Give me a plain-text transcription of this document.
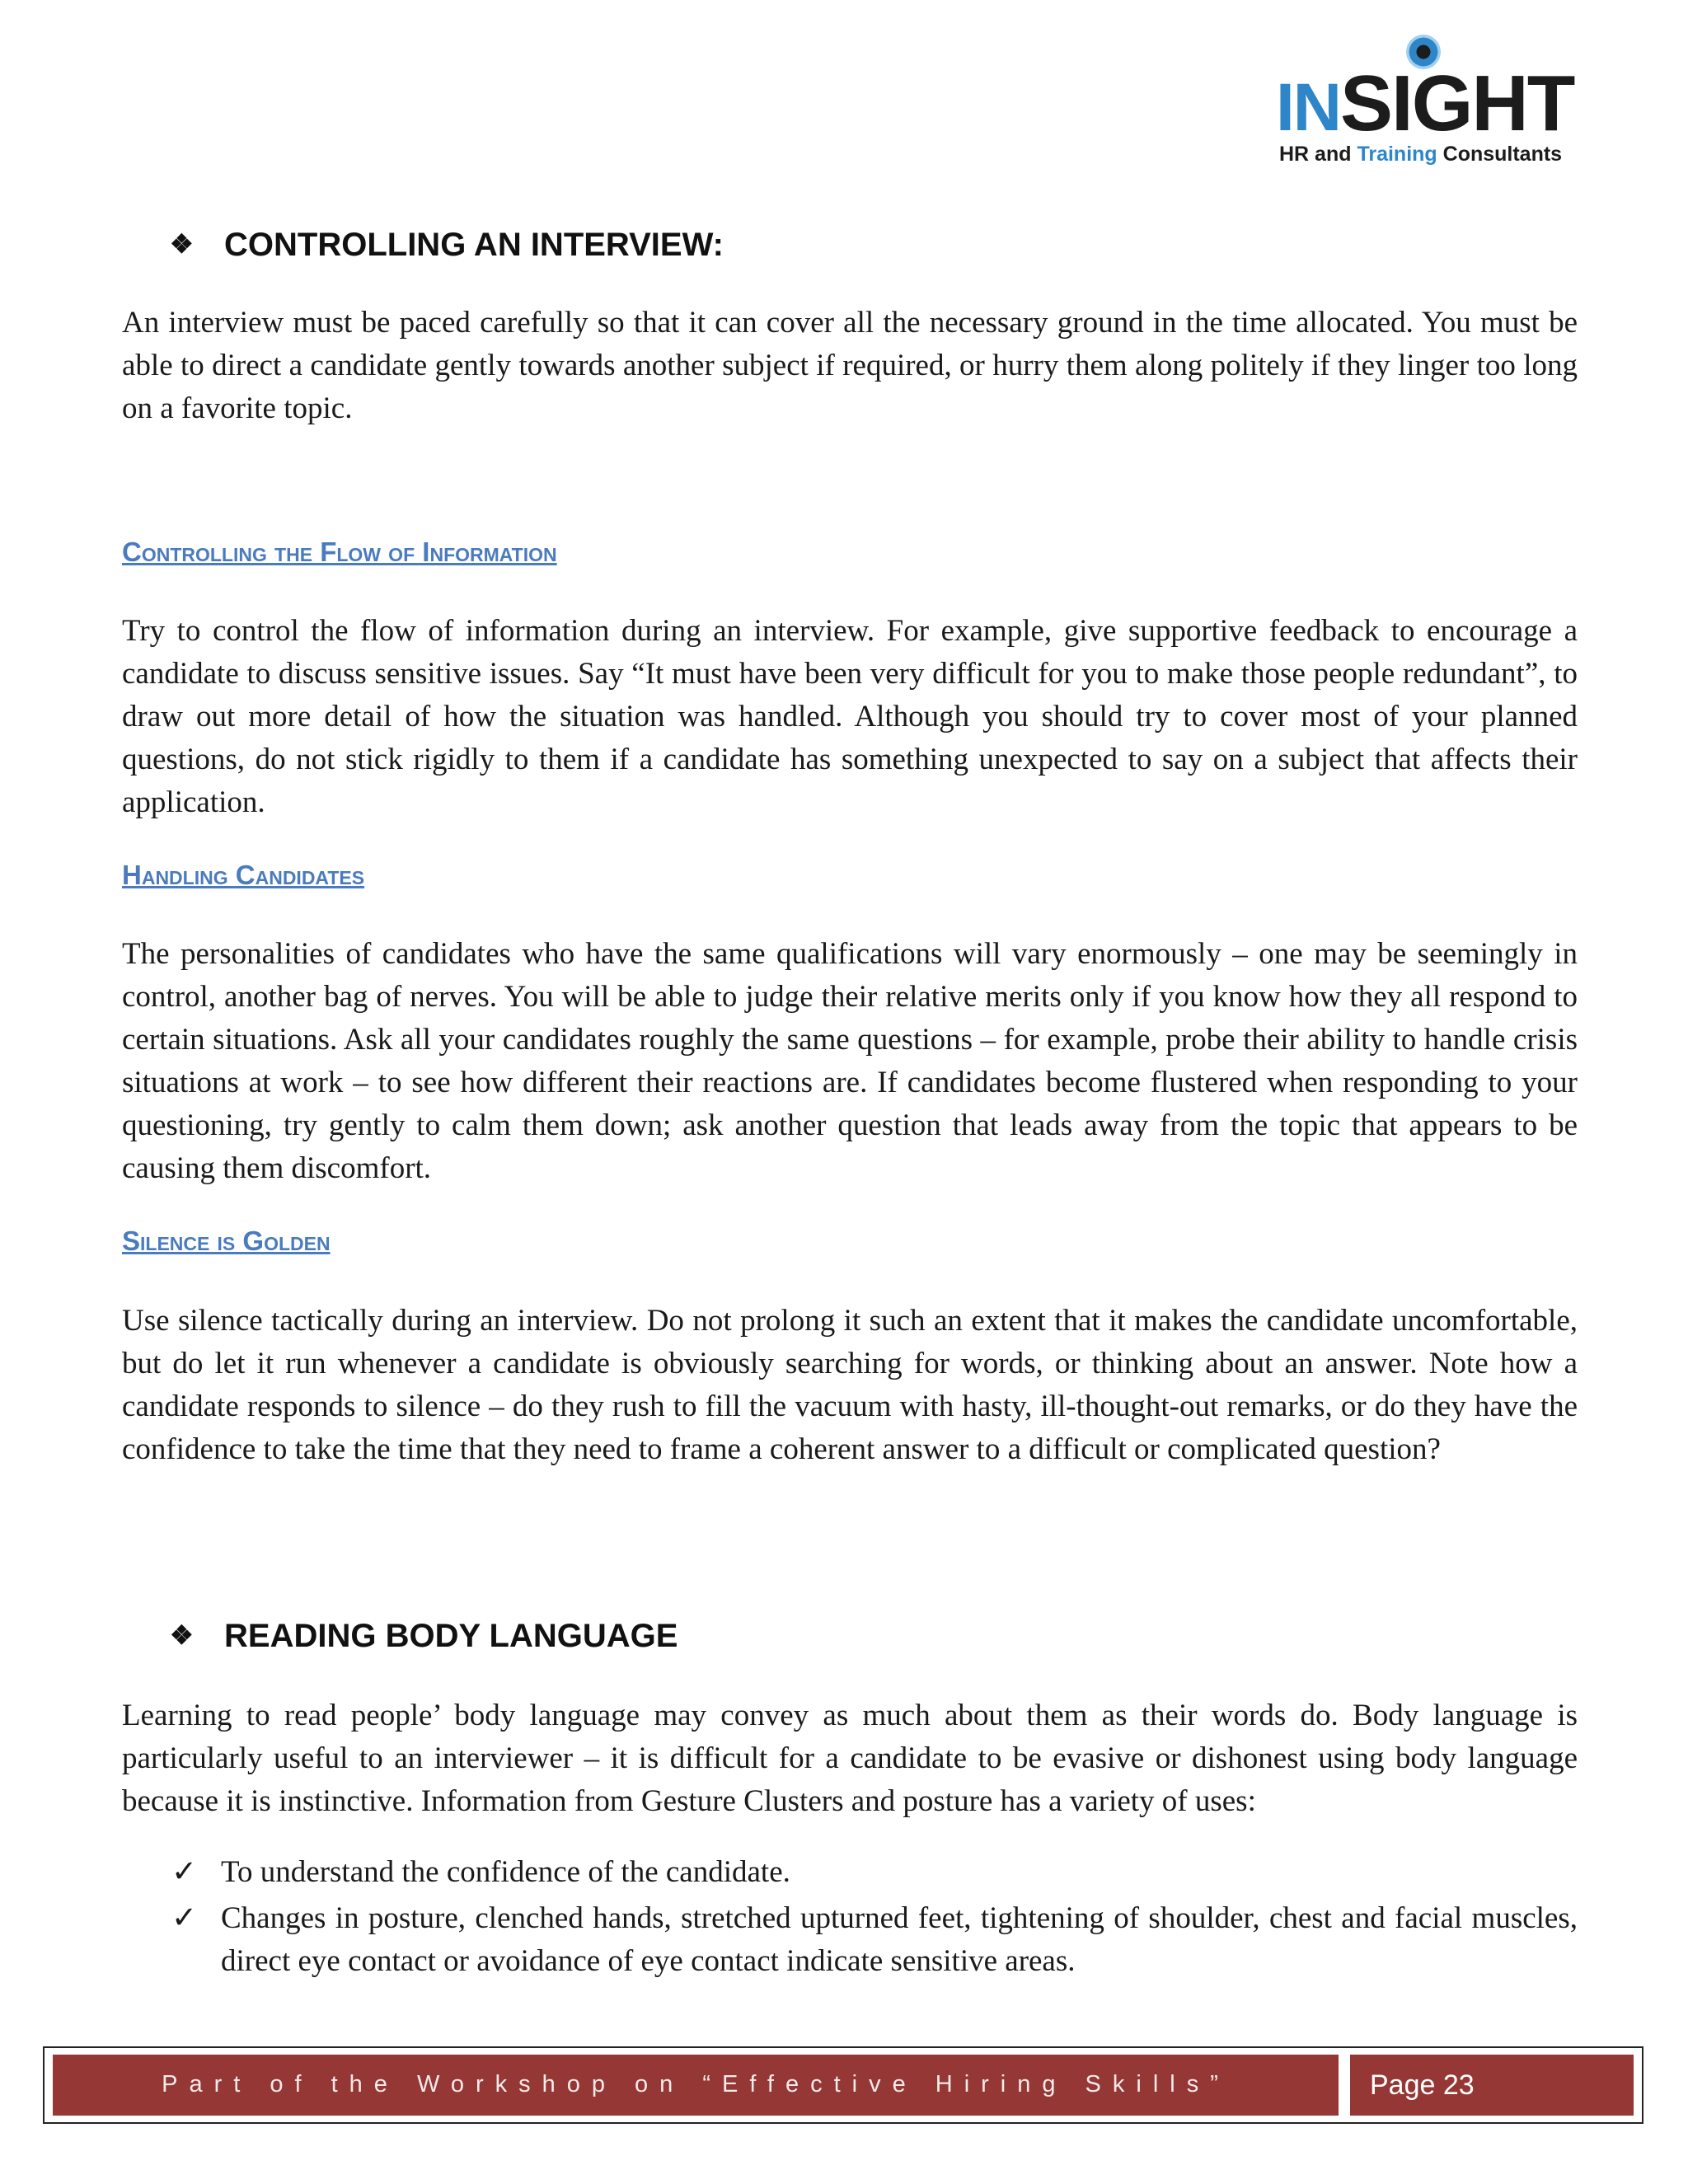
INSIGHT
HR and Training Consultants
❖ CONTROLLING AN INTERVIEW:

An interview must be paced carefully so that it can cover all the necessary ground in the time allocated. You must be able to direct a candidate gently towards another subject if required, or hurry them along politely if they linger too long on a favorite topic.

Controlling the Flow of Information

Try to control the flow of information during an interview. For example, give supportive feedback to encourage a candidate to discuss sensitive issues. Say “It must have been very difficult for you to make those people redundant”, to draw out more detail of how the situation was handled. Although you should try to cover most of your planned questions, do not stick rigidly to them if a candidate has something unexpected to say on a subject that affects their application.

Handling Candidates

The personalities of candidates who have the same qualifications will vary enormously – one may be seemingly in control, another bag of nerves. You will be able to judge their relative merits only if you know how they all respond to certain situations. Ask all your candidates roughly the same questions – for example, probe their ability to handle crisis situations at work – to see how different their reactions are. If candidates become flustered when responding to your questioning, try gently to calm them down; ask another question that leads away from the topic that appears to be causing them discomfort.

Silence is Golden

Use silence tactically during an interview. Do not prolong it such an extent that it makes the candidate uncomfortable, but do let it run whenever a candidate is obviously searching for words, or thinking about an answer. Note how a candidate responds to silence – do they rush to fill the vacuum with hasty, ill-thought-out remarks, or do they have the confidence to take the time that they need to frame a coherent answer to a difficult or complicated question?

❖ READING BODY LANGUAGE

Learning to read people’ body language may convey as much about them as their words do. Body language is particularly useful to an interviewer – it is difficult for a candidate to be evasive or dishonest using body language because it is instinctive. Information from Gesture Clusters and posture has a variety of uses:

✓ To understand the confidence of the candidate.
✓ Changes in posture, clenched hands, stretched upturned feet, tightening of shoulder, chest and facial muscles, direct eye contact or avoidance of eye contact indicate sensitive areas.
Part of the Workshop on “Effective Hiring Skills”	Page 23
